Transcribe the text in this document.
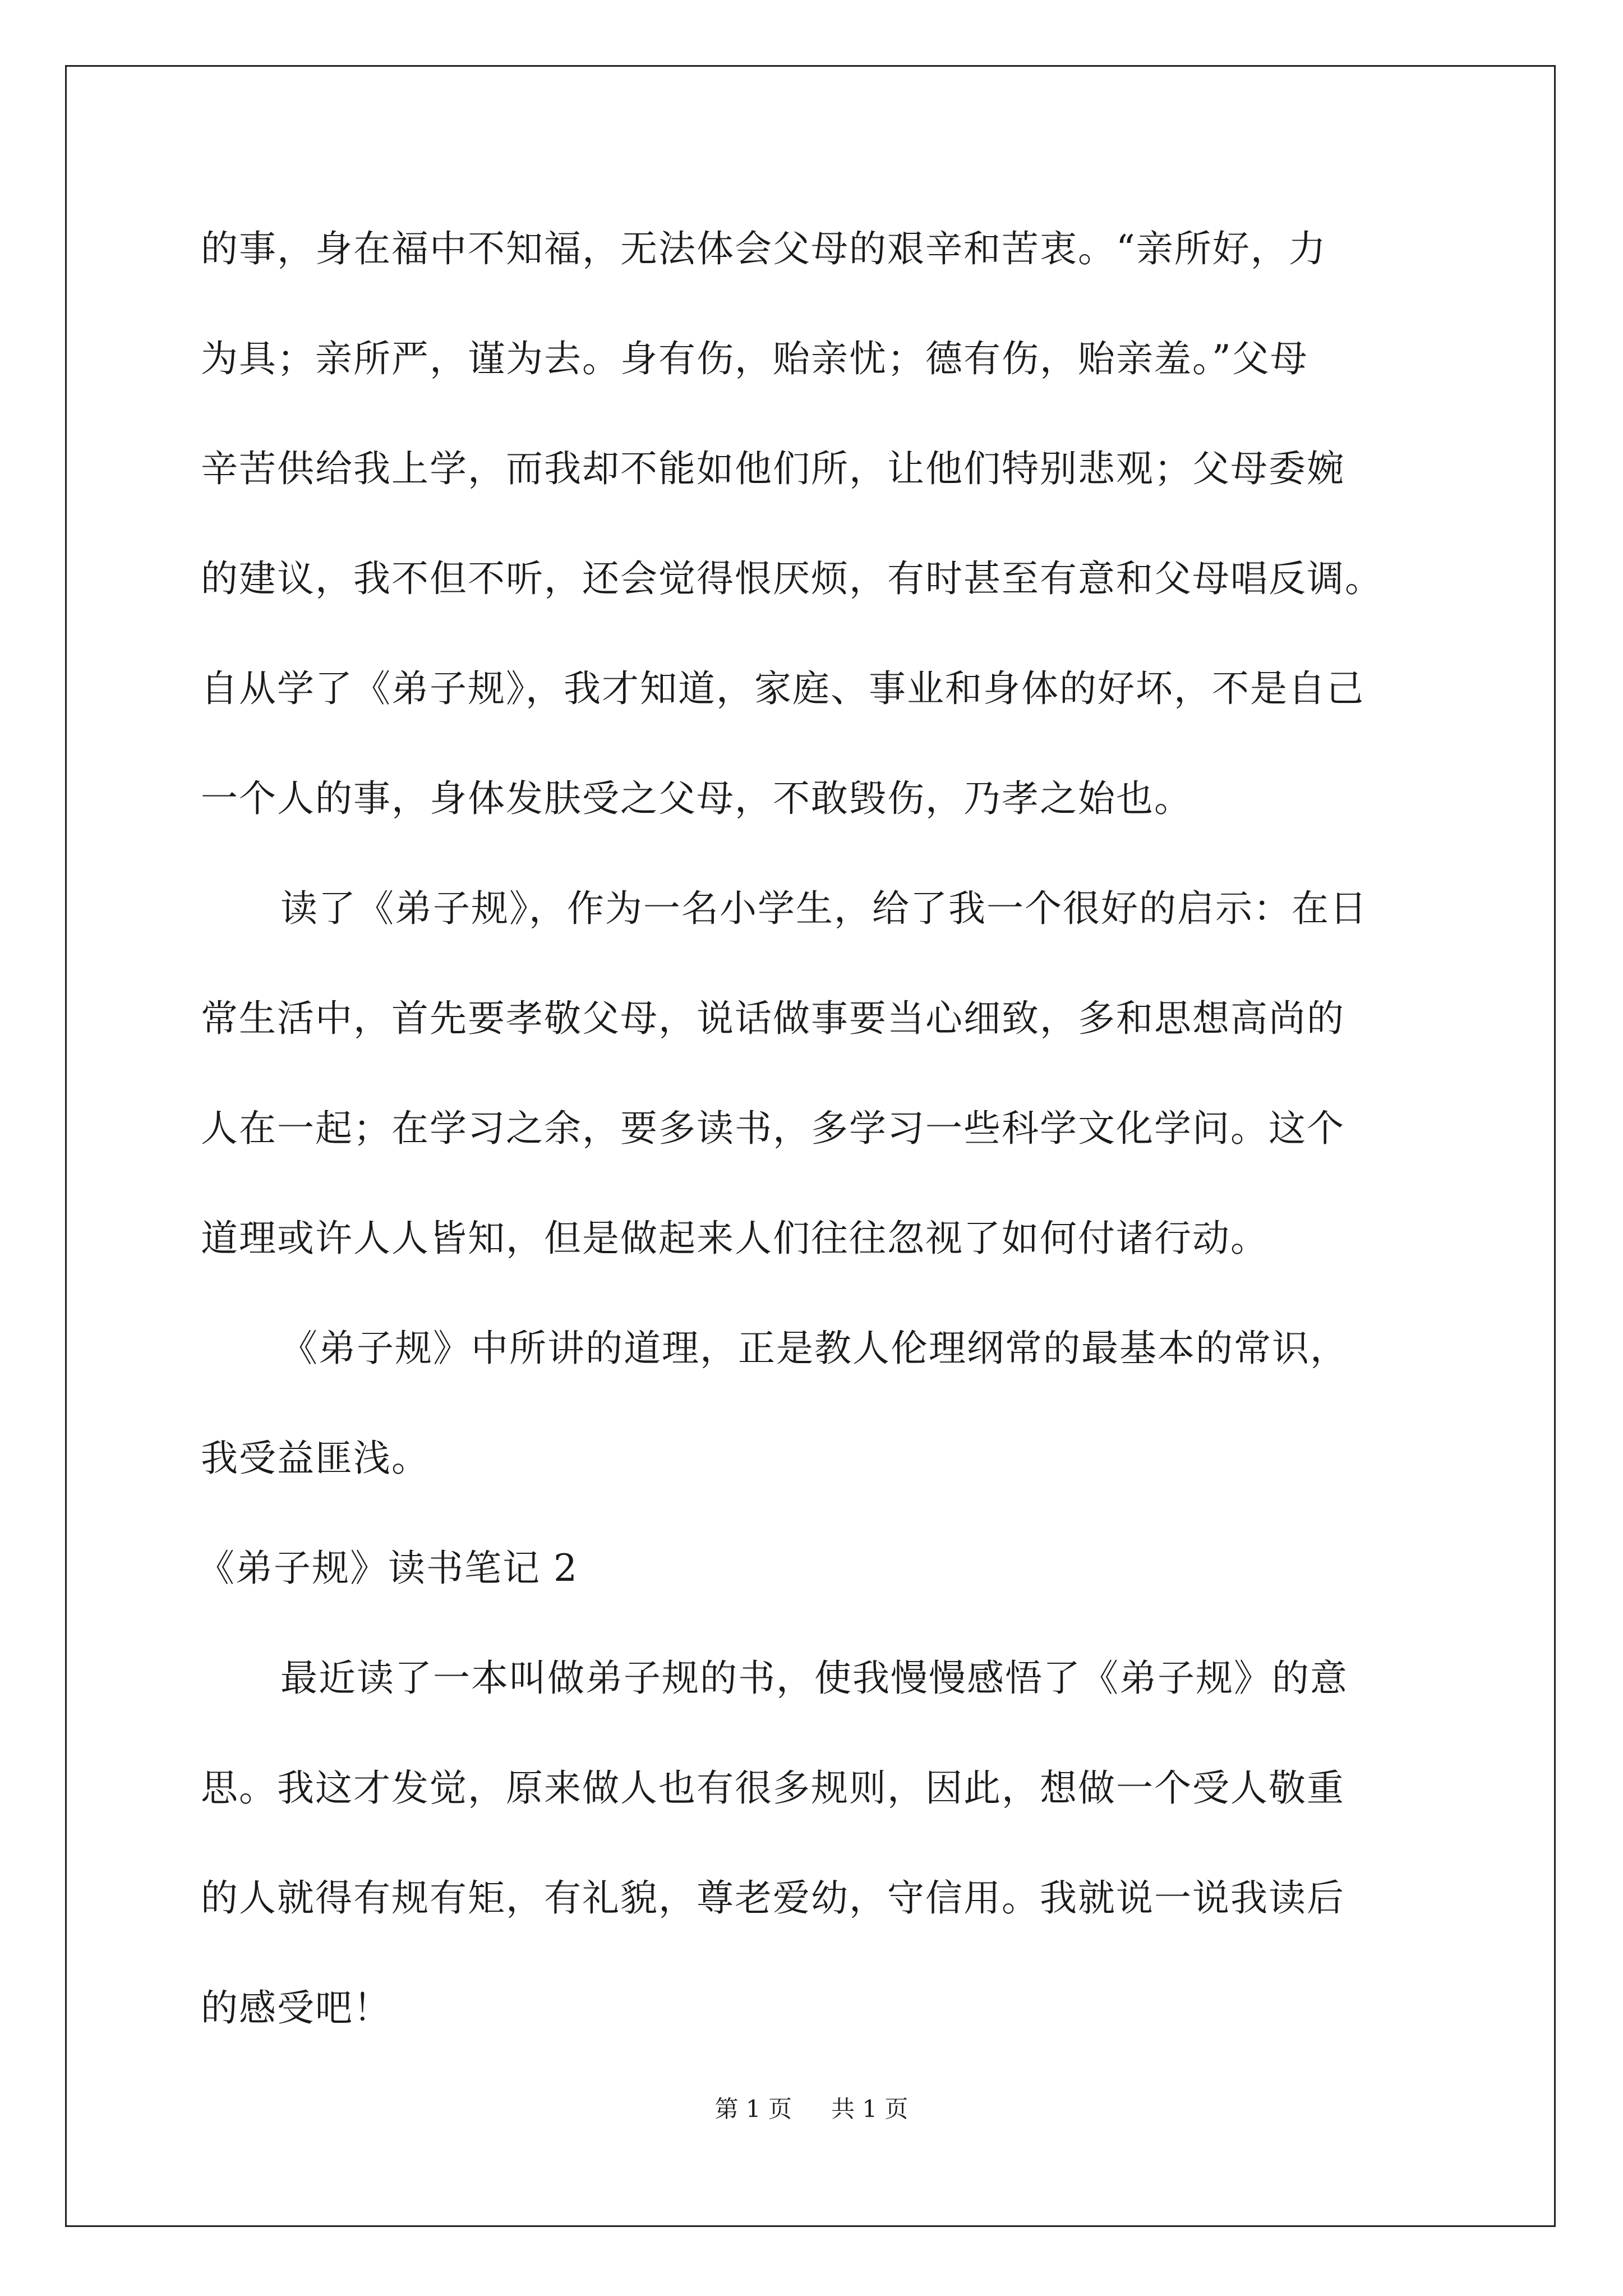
的事，身在福中不知福，无法体会父母的艰辛和苦衷。“亲所好，力
为具；亲所严，谨为去。身有伤，贻亲忧；德有伤，贻亲羞。”父母
辛苦供给我上学，而我却不能如他们所，让他们特别悲观；父母委婉
的建议，我不但不听，还会觉得恨厌烦，有时甚至有意和父母唱反调。
自从学了《弟子规》，我才知道，家庭、事业和身体的好坏，不是自己
一个人的事，身体发肤受之父母，不敢毁伤，乃孝之始也。
读了《弟子规》，作为一名小学生，给了我一个很好的启示：在日
常生活中，首先要孝敬父母，说话做事要当心细致，多和思想高尚的
人在一起；在学习之余，要多读书，多学习一些科学文化学问。这个
道理或许人人皆知，但是做起来人们往往忽视了如何付诸行动。
《弟子规》中所讲的道理，正是教人伦理纲常的最基本的常识，
我受益匪浅。
《弟子规》读书笔记 2
最近读了一本叫做弟子规的书，使我慢慢感悟了《弟子规》的意
思。我这才发觉，原来做人也有很多规则，因此，想做一个受人敬重
的人就得有规有矩，有礼貌，尊老爱幼，守信用。我就说一说我读后
的感受吧！
第 1 页 共 1 页
